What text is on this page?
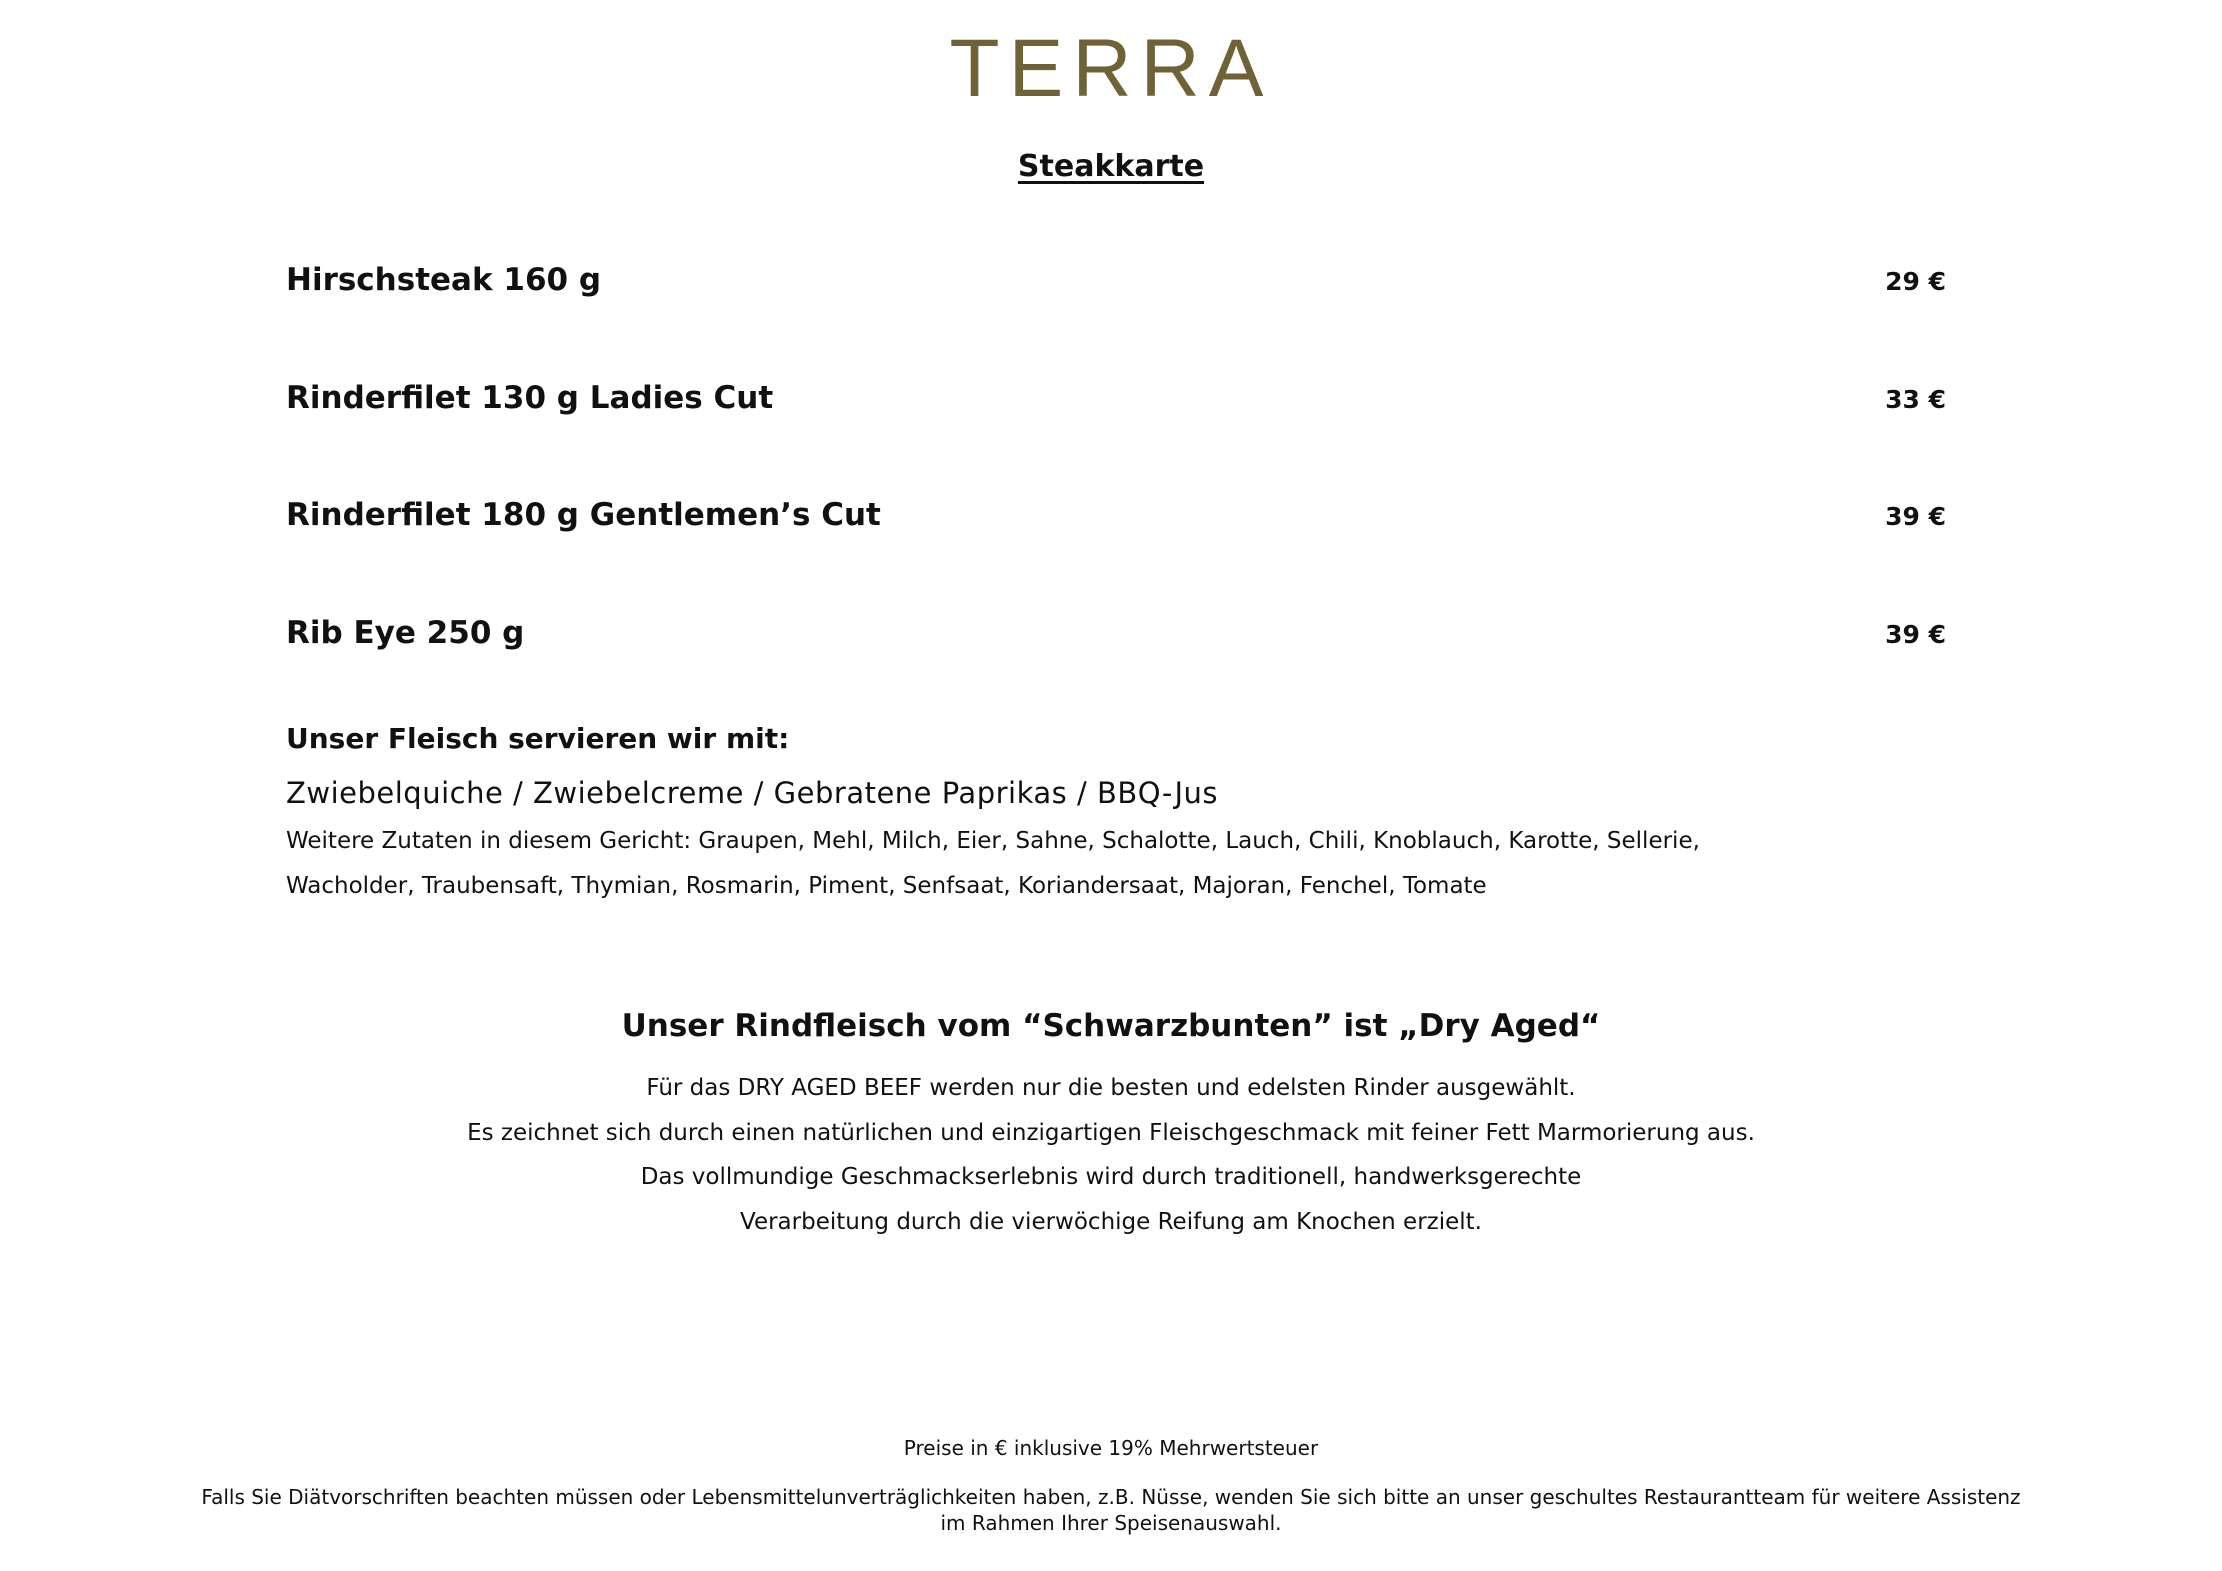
TERRA
Steakkarte
Hirschsteak 160 g	29 €
Rinderfilet 130 g Ladies Cut	33 €
Rinderfilet 180 g Gentlemen’s Cut	39 €
Rib Eye 250 g	39 €
Unser Fleisch servieren wir mit:
Zwiebelquiche / Zwiebelcreme / Gebratene Paprikas / BBQ-Jus
Weitere Zutaten in diesem Gericht: Graupen, Mehl, Milch, Eier, Sahne, Schalotte, Lauch, Chili, Knoblauch, Karotte, Sellerie, Wacholder, Traubensaft, Thymian, Rosmarin, Piment, Senfsaat, Koriandersaat, Majoran, Fenchel, Tomate
Unser Rindfleisch vom “Schwarzbunten” ist „Dry Aged“
Für das DRY AGED BEEF werden nur die besten und edelsten Rinder ausgewählt.
Es zeichnet sich durch einen natürlichen und einzigartigen Fleischgeschmack mit feiner Fett Marmorierung aus.
Das vollmundige Geschmackserlebnis wird durch traditionell, handwerksgerechte
Verarbeitung durch die vierwöchige Reifung am Knochen erzielt.
Preise in € inklusive 19% Mehrwertsteuer
Falls Sie Diätvorschriften beachten müssen oder Lebensmittelunverträglichkeiten haben, z.B. Nüsse, wenden Sie sich bitte an unser geschultes Restaurantteam für weitere Assistenz
im Rahmen Ihrer Speisenauswahl.
